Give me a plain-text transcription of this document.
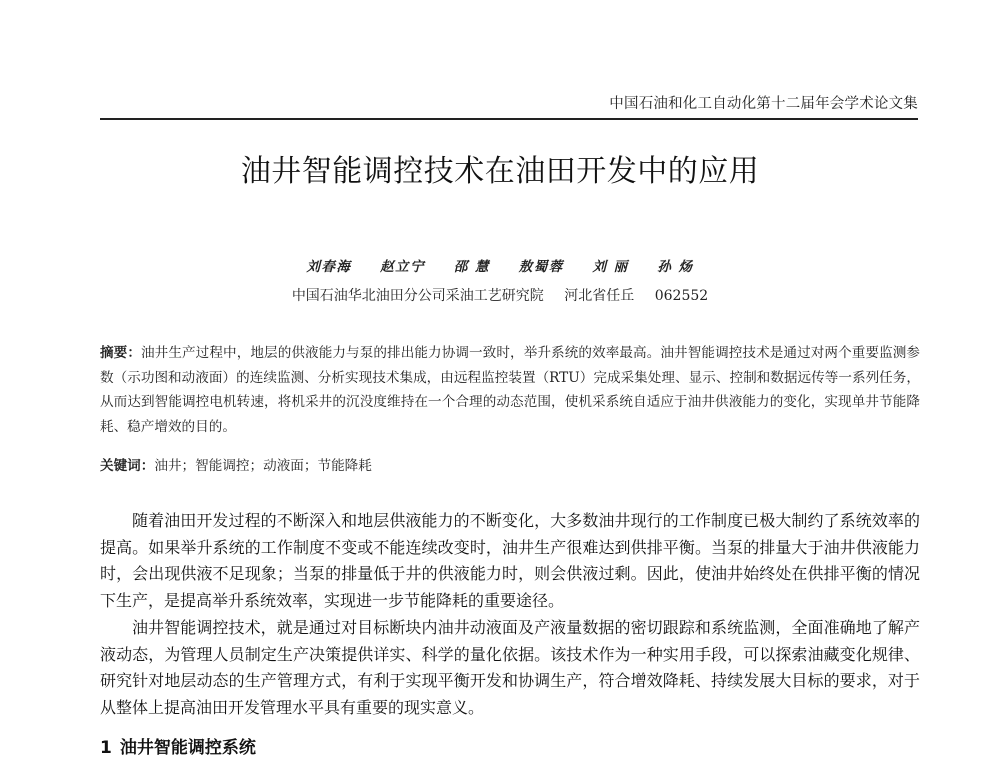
中国石油和化工自动化第十二届年会学术论文集
油井智能调控技术在油田开发中的应用
刘春海 赵立宁 邵 慧 敖蜀蓉 刘 丽 孙 炀
中国石油华北油田分公司采油工艺研究院 河北省任丘 062552

摘要：油井生产过程中，地层的供液能力与泵的排出能力协调一致时，举升系统的效率最高。油井智能调控技术是通过对两个重要监测参数（示功图和动液面）的连续监测、分析实现技术集成，由远程监控装置（RTU）完成采集处理、显示、控制和数据远传等一系列任务，从而达到智能调控电机转速，将机采井的沉没度维持在一个合理的动态范围，使机采系统自适应于油井供液能力的变化，实现单井节能降耗、稳产增效的目的。

关键词：油井；智能调控；动液面；节能降耗

随着油田开发过程的不断深入和地层供液能力的不断变化，大多数油井现行的工作制度已极大制约了系统效率的提高。如果举升系统的工作制度不变或不能连续改变时，油井生产很难达到供排平衡。当泵的排量大于油井供液能力时，会出现供液不足现象；当泵的排量低于井的供液能力时，则会供液过剩。因此，使油井始终处在供排平衡的情况下生产，是提高举升系统效率，实现进一步节能降耗的重要途径。

油井智能调控技术，就是通过对目标断块内油井动液面及产液量数据的密切跟踪和系统监测，全面准确地了解产液动态，为管理人员制定生产决策提供详实、科学的量化依据。该技术作为一种实用手段，可以探索油藏变化规律、研究针对地层动态的生产管理方式，有利于实现平衡开发和协调生产，符合增效降耗、持续发展大目标的要求，对于从整体上提高油田开发管理水平具有重要的现实意义。

1 油井智能调控系统
